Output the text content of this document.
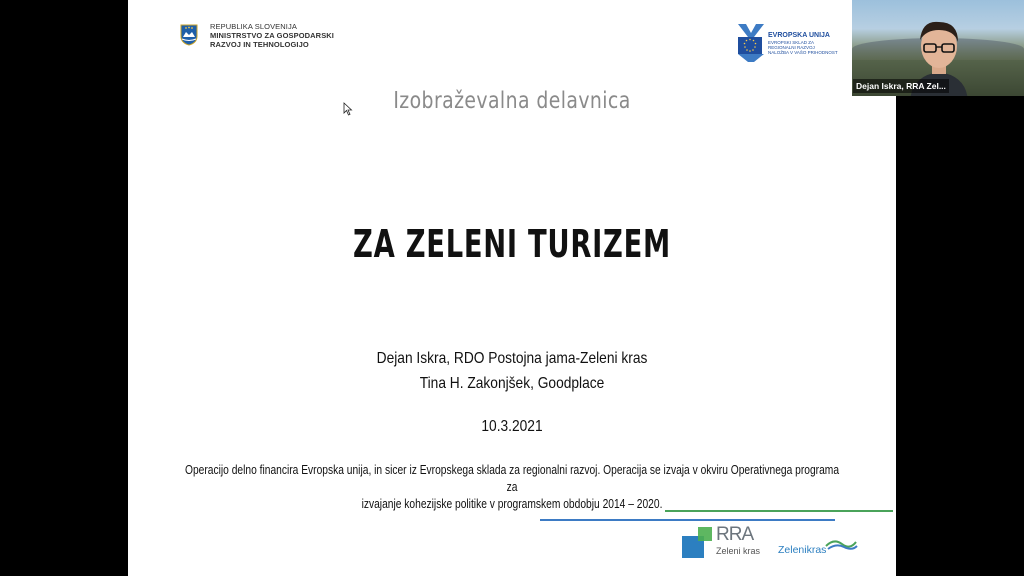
REPUBLIKA SLOVENIJA
MINISTRSTVO ZA GOSPODARSKI
RAZVOJ IN TEHNOLOGIJO
EVROPSKA UNIJA
EVROPSKI SKLAD ZA
REGIONALNI RAZVOJ
NALOŽBA V VAŠO PRIHODNOST
Izobraževalna delavnica
ZA ZELENI TURIZEM
Dejan Iskra, RDO Postojna jama-Zeleni kras
Tina H. Zakonjšek, Goodplace
10.3.2021
Operacijo delno financira Evropska unija, in sicer iz Evropskega sklada za regionalni razvoj. Operacija se izvaja v okviru Operativnega programa za
izvajanje kohezijske politike v programskem obdobju 2014 – 2020.
RRA
Zeleni kras Zelenikras
Dejan Iskra, RRA Zel...
